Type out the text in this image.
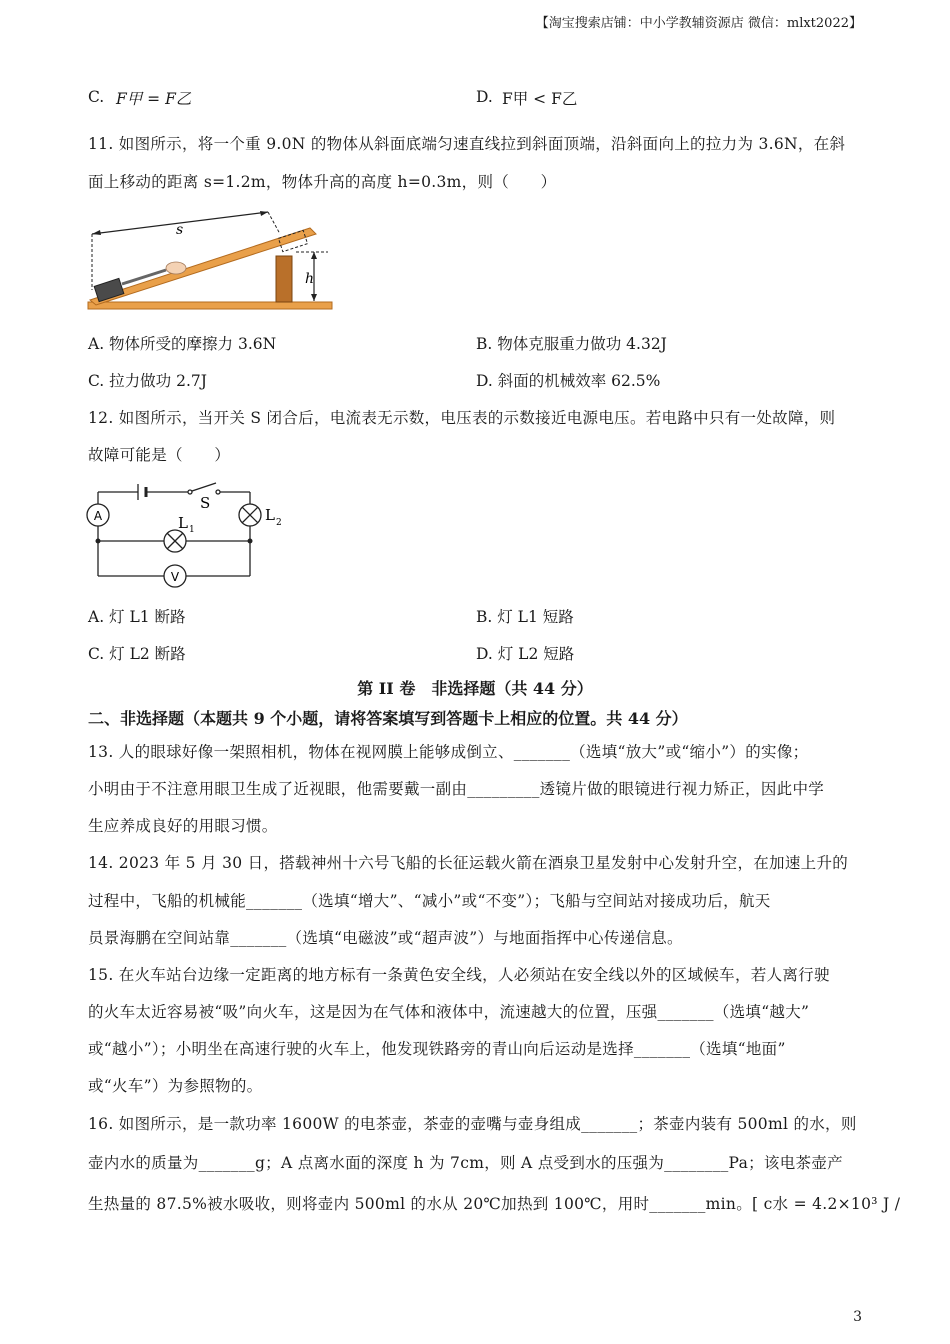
【淘宝搜索店铺：中小学教辅资源店 微信：mlxt2022】
C. F甲 = F乙	D. F甲 < F乙
11. 如图所示，将一个重 9.0N 的物体从斜面底端匀速直线拉到斜面顶端，沿斜面向上的拉力为 3.6N，在斜
面上移动的距离 s=1.2m，物体升高的高度 h=0.3m，则（　　）
s
h
A. 物体所受的摩擦力 3.6N	B. 物体克服重力做功 4.32J
C. 拉力做功 2.7J	D. 斜面的机械效率 62.5%
12. 如图所示，当开关 S 闭合后，电流表无示数，电压表的示数接近电源电压。若电路中只有一处故障，则
故障可能是（　　）
A	L 2
L 1
V
S
A. 灯 L1 断路	B. 灯 L1 短路
C. 灯 L2 断路	D. 灯 L2 短路
第 II 卷　非选择题（共 44 分）
二、非选择题（本题共 9 个小题，请将答案填写到答题卡上相应的位置。共 44 分）
13. 人的眼球好像一架照相机，物体在视网膜上能够成倒立、_______（选填“放大”或“缩小”）的实像；
小明由于不注意用眼卫生成了近视眼，他需要戴一副由_________透镜片做的眼镜进行视力矫正，因此中学
生应养成良好的用眼习惯。
14. 2023 年 5 月 30 日，搭载神州十六号飞船的长征运载火箭在酒泉卫星发射中心发射升空，在加速上升的
过程中，飞船的机械能_______（选填“增大”、“减小”或“不变”）；飞船与空间站对接成功后，航天
员景海鹏在空间站靠_______（选填“电磁波”或“超声波”）与地面指挥中心传递信息。
15. 在火车站台边缘一定距离的地方标有一条黄色安全线，人必须站在安全线以外的区域候车，若人离行驶
的火车太近容易被“吸”向火车，这是因为在气体和液体中，流速越大的位置，压强_______（选填“越大”
或“越小”）；小明坐在高速行驶的火车上，他发现铁路旁的青山向后运动是选择_______（选填“地面”
或“火车”）为参照物的。
16. 如图所示，是一款功率 1600W 的电茶壶，茶壶的壶嘴与壶身组成_______；茶壶内装有 500ml 的水，则
壶内水的质量为_______g；A 点离水面的深度 h 为 7cm，则 A 点受到水的压强为________Pa；该电茶壶产
生热量的 87.5%被水吸收，则将壶内 500ml 的水从 20℃加热到 100℃，用时_______min。[ c水 = 4.2×10³ J /
3
